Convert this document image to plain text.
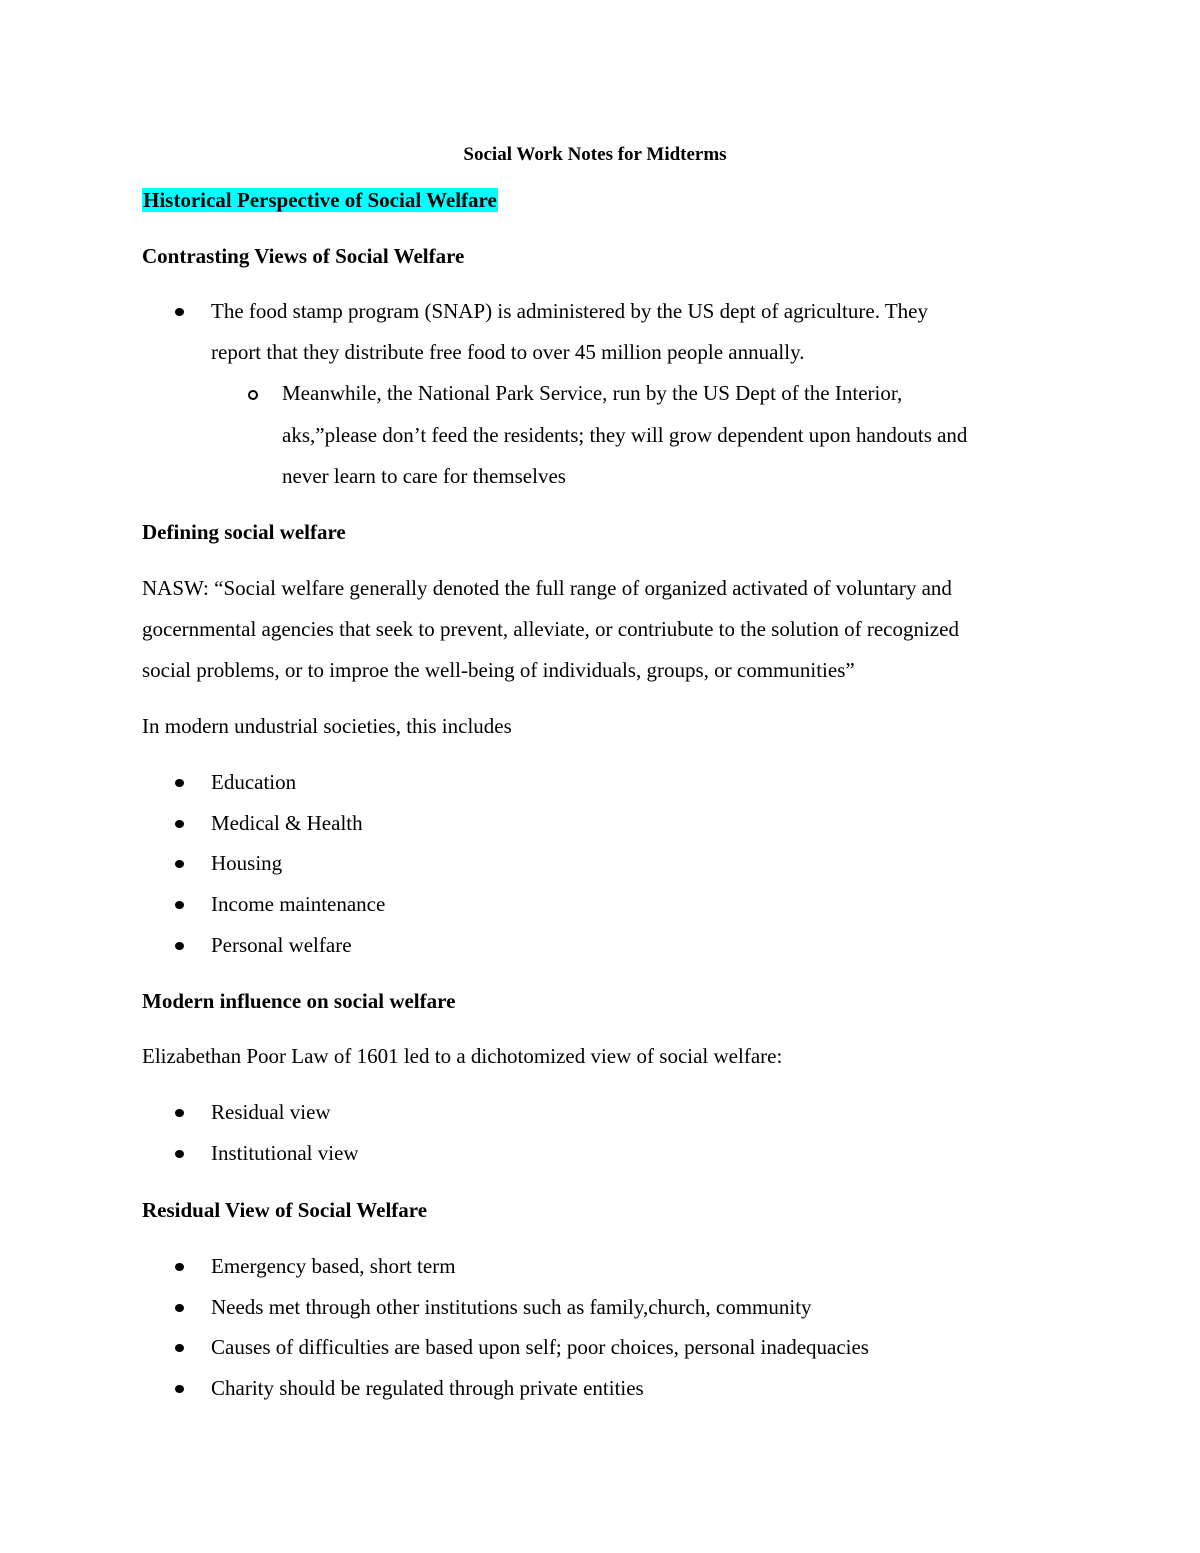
Social Work Notes for Midterms
Historical Perspective of Social Welfare
Contrasting Views of Social Welfare
The food stamp program (SNAP) is administered by the US dept of agriculture. They
report that they distribute free food to over 45 million people annually.
Meanwhile, the National Park Service, run by the US Dept of the Interior,
aks,”please don’t feed the residents; they will grow dependent upon handouts and
never learn to care for themselves
Defining social welfare
NASW: “Social welfare generally denoted the full range of organized activated of voluntary and
gocernmental agencies that seek to prevent, alleviate, or contriubute to the solution of recognized
social problems, or to improe the well-being of individuals, groups, or communities”
In modern undustrial societies, this includes
Education
Medical & Health
Housing
Income maintenance
Personal welfare
Modern influence on social welfare
Elizabethan Poor Law of 1601 led to a dichotomized view of social welfare:
Residual view
Institutional view
Residual View of Social Welfare
Emergency based, short term
Needs met through other institutions such as family,church, community
Causes of difficulties are based upon self; poor choices, personal inadequacies
Charity should be regulated through private entities
